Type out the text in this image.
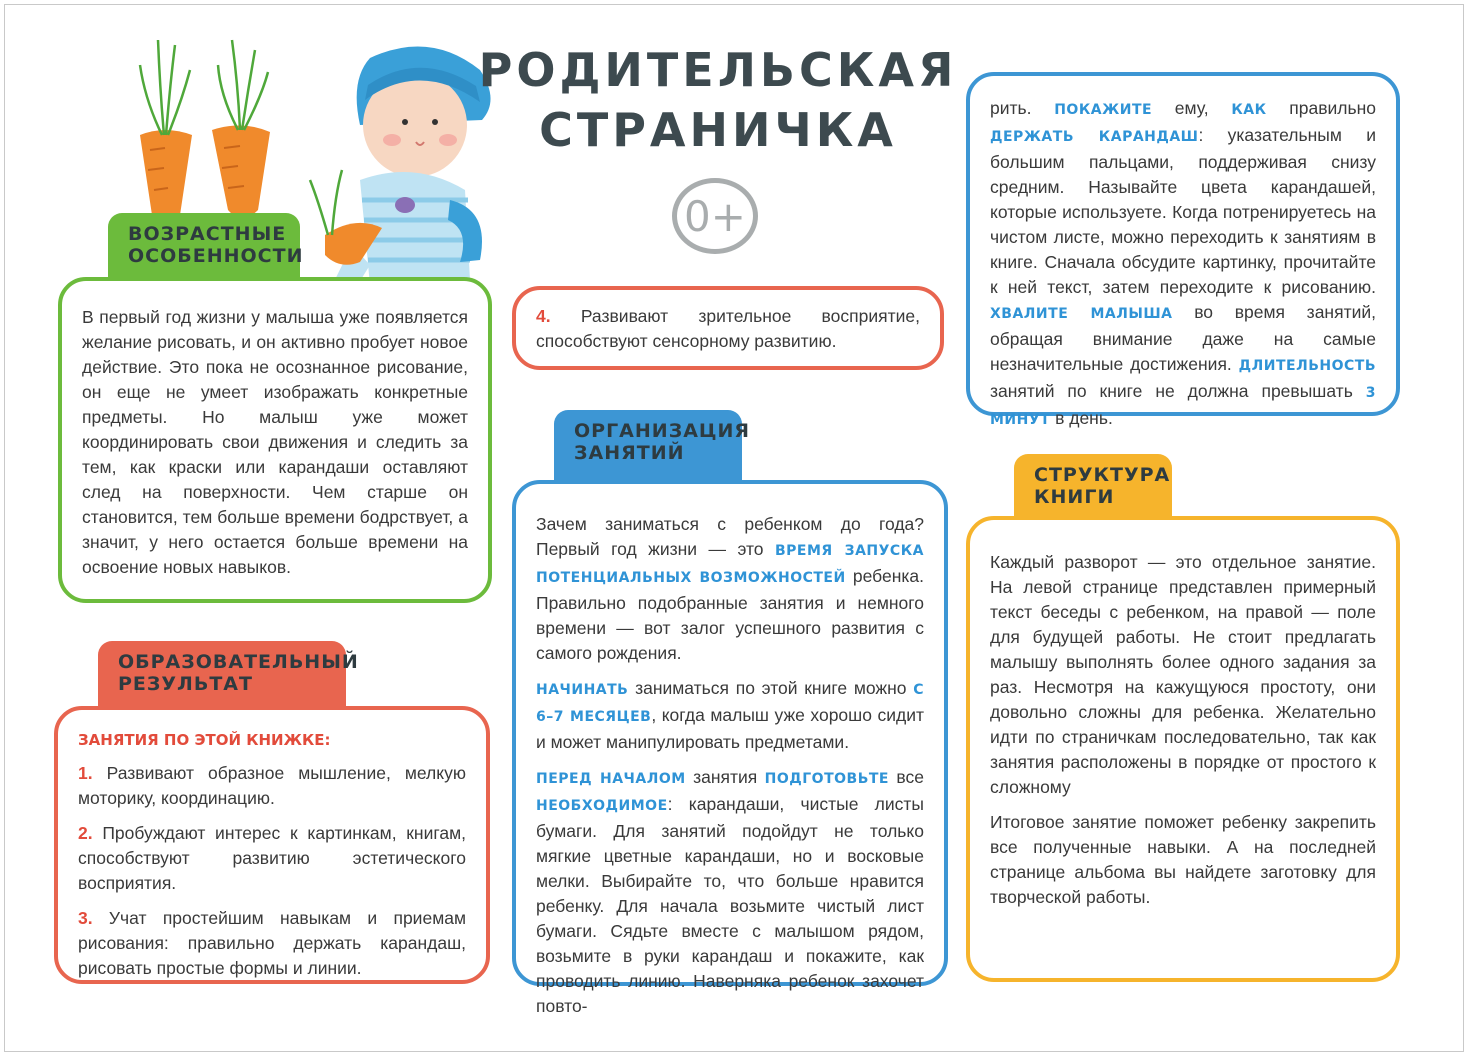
РОДИТЕЛЬСКАЯ
СТРАНИЧКА
0+
ВОЗРАСТНЫЕ
ОСОБЕННОСТИ

В первый год жизни у малыша уже появляется желание рисовать, и он активно пробует новое действие. Это пока не осознанное рисование, он еще не умеет изображать конкретные предметы. Но малыш уже может координировать свои движения и следить за тем, как краски или карандаши оставляют след на поверхности. Чем старше он становится, тем больше времени бодрствует, а значит, у него остается больше времени на освоение новых навыков.

ОБРАЗОВАТЕЛЬНЫЙ
РЕЗУЛЬТАТ

ЗАНЯТИЯ ПО ЭТОЙ КНИЖКЕ:

1. Развивают образное мышление, мелкую моторику, координацию.

2. Пробуждают интерес к картинкам, книгам, способствуют развитию эстетического восприятия.

3. Учат простейшим навыкам и приемам рисования: правильно держать карандаш, рисовать простые формы и линии.

4. Развивают зрительное восприятие, способствуют сенсорному развитию.

ОРГАНИЗАЦИЯ
ЗАНЯТИЙ

Зачем заниматься с ребенком до года? Первый год жизни — это ВРЕМЯ ЗАПУСКА ПОТЕНЦИАЛЬНЫХ ВОЗМОЖНОСТЕЙ ребенка. Правильно подобранные занятия и немного времени — вот залог успешного развития с самого рождения.

НАЧИНАТЬ заниматься по этой книге можно С 6–7 МЕСЯЦЕВ, когда малыш уже хорошо сидит и может манипулировать предметами.

ПЕРЕД НАЧАЛОМ занятия ПОДГОТОВЬТЕ все НЕОБХОДИМОЕ: карандаши, чистые листы бумаги. Для занятий подойдут не только мягкие цветные карандаши, но и восковые мелки. Выбирайте то, что больше нравится ребенку. Для начала возьмите чистый лист бумаги. Сядьте вместе с малышом рядом, возьмите в руки карандаш и покажите, как проводить линию. Наверняка ребенок захочет повто-

рить. ПОКАЖИТЕ ему, КАК правильно ДЕРЖАТЬ КАРАНДАШ: указательным и большим пальцами, поддерживая снизу средним. Называйте цвета карандашей, которые используете. Когда потренируетесь на чистом листе, можно переходить к занятиям в книге. Сначала обсудите картинку, прочитайте к ней текст, затем переходите к рисованию. ХВАЛИТЕ МАЛЫША во время занятий, обращая внимание даже на самые незначительные достижения. ДЛИТЕЛЬНОСТЬ занятий по книге не должна превышать 3 МИНУТ в день.

СТРУКТУРА
КНИГИ

Каждый разворот — это отдельное занятие. На левой странице представлен примерный текст беседы с ребенком, на правой — поле для будущей работы. Не стоит предлагать малышу выполнять более одного задания за раз. Несмотря на кажущуюся простоту, они довольно сложны для ребенка. Желательно идти по страничкам последовательно, так как занятия расположены в порядке от простого к сложному

Итоговое занятие поможет ребенку закрепить все полученные навыки. А на последней странице альбома вы найдете заготовку для творческой работы.
